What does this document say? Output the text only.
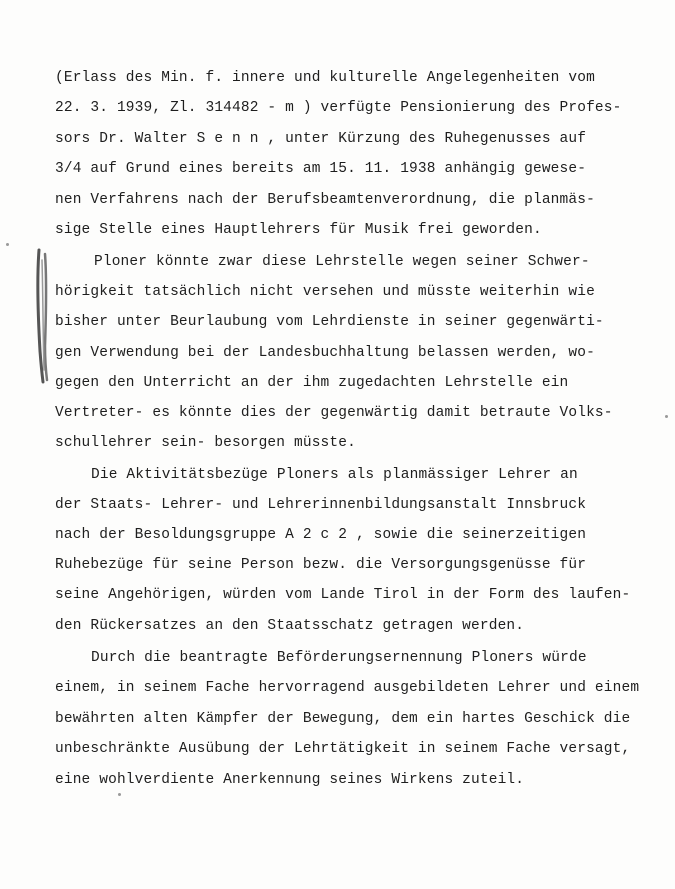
(Erlass des Min. f. innere und kulturelle Angelegenheiten vom
22. 3. 1939, Zl. 314482 - m ) verfügte Pensionierung des Profes-
sors Dr. Walter S e n n , unter Kürzung des Ruhegenusses auf
3/4 auf Grund eines bereits am 15. 11. 1938 anhängig gewese-
nen Verfahrens nach der Berufsbeamtenverordnung, die planmäs-
sige Stelle eines Hauptlehrers für Musik frei geworden.
Ploner könnte zwar diese Lehrstelle wegen seiner Schwer-
hörigkeit tatsächlich nicht versehen und müsste weiterhin wie
bisher unter Beurlaubung vom Lehrdienste in seiner gegenwärti-
gen Verwendung bei der Landesbuchhaltung belassen werden, wo-
gegen den Unterricht an der ihm zugedachten Lehrstelle ein
Vertreter- es könnte dies der gegenwärtig damit betraute Volks-
schullehrer sein- besorgen müsste.
Die Aktivitätsbezüge Ploners als planmässiger Lehrer an
der Staats- Lehrer- und Lehrerinnenbildungsanstalt Innsbruck
nach der Besoldungsgruppe A 2 c 2 , sowie die seinerzeitigen
Ruhebezüge für seine Person bezw. die Versorgungsgenüsse für
seine Angehörigen, würden vom Lande Tirol in der Form des laufen-
den Rückersatzes an den Staatsschatz getragen werden.
Durch die beantragte Beförderungsernennung Ploners würde
einem, in seinem Fache hervorragend ausgebildeten Lehrer und einem
bewährten alten Kämpfer der Bewegung, dem ein hartes Geschick die
unbeschränkte Ausübung der Lehrtätigkeit in seinem Fache versagt,
eine wohlverdiente Anerkennung seines Wirkens zuteil.
